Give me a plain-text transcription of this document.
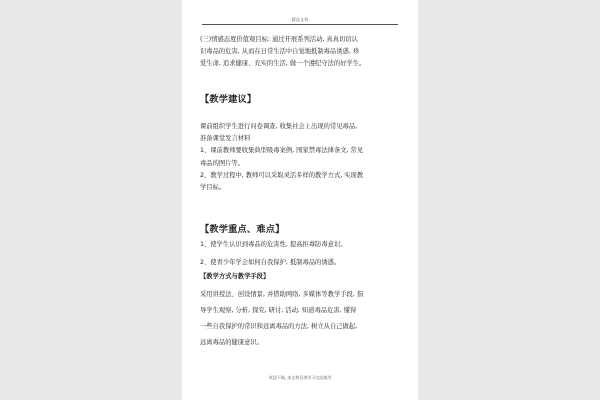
精品文档
(三)情感态度价值观目标: 通过开展系列活动, 真真切切认
识毒品的危害, 从而在日常生活中自觉地抵制毒品诱惑, 珍
爱生命, 追求健康、充实的生活, 做一个遵纪守法的好学生。
【教学建议】
课前组织学生进行问卷调查, 收集社会上出现的常见毒品,
准备课堂发言材料
1、课前教师要收集典型吸毒案例, 国家禁毒法律条文, 常见
毒品的图片等。
2、教学过程中, 教师可以采取灵活多样的教学方式, 实现教
学目标。
【教学重点、难点】
1、使学生认识到毒品的危害性, 提高拒毒防毒意识。
2、使青少年学会如何自我保护, 抵制毒品的诱惑。
【教学方式与教学手段】
采用讲授法、创设情景, 并借助网络, 多媒体等教学手段, 指
导学生观察, 分析, 探究, 研讨, 活动, 知道毒品危害, 懂得
一些自我保护的常识和远离毒品的方法, 树立从自己做起,
远离毒品的健康意识。
欢迎下载, 本文档仅供学习交流使用
